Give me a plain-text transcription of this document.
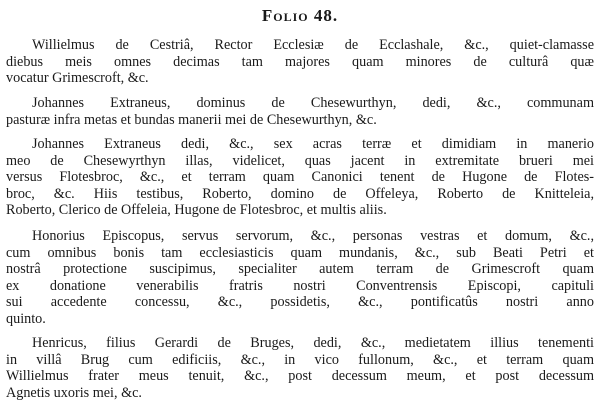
Folio 48.
Willielmus de Cestriâ, Rector Ecclesiæ de Ecclashale, &c., quiet-clamasse
diebus meis omnes decimas tam majores quam minores de culturâ quæ
vocatur Grimescroft, &c.
Johannes Extraneus, dominus de Chesewurthyn, dedi, &c., communam
pasturæ infra metas et bundas manerii mei de Chesewurthyn, &c.
Johannes Extraneus dedi, &c., sex acras terræ et dimidiam in manerio
meo de Chesewyrthyn illas, videlicet, quas jacent in extremitate brueri mei
versus Flotesbroc, &c., et terram quam Canonici tenent de Hugone de Flotes-
broc, &c. Hiis testibus, Roberto, domino de Offeleya, Roberto de Knitteleia,
Roberto, Clerico de Offeleia, Hugone de Flotesbroc, et multis aliis.
Honorius Episcopus, servus servorum, &c., personas vestras et domum, &c.,
cum omnibus bonis tam ecclesiasticis quam mundanis, &c., sub Beati Petri et
nostrâ protectione suscipimus, specialiter autem terram de Grimescroft quam
ex donatione venerabilis fratris nostri Conventrensis Episcopi, capituli
sui accedente concessu, &c., possidetis, &c., pontificatûs nostri anno
quinto.
Henricus, filius Gerardi de Bruges, dedi, &c., medietatem illius tenementi
in villâ Brug cum edificiis, &c., in vico fullonum, &c., et terram quam
Willielmus frater meus tenuit, &c., post decessum meum, et post decessum
Agnetis uxoris mei, &c.
